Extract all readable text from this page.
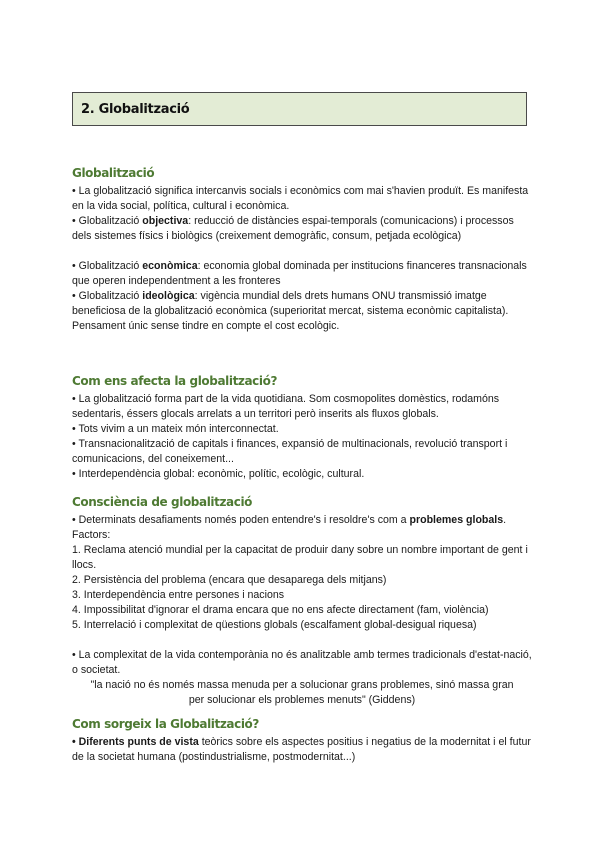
2. Globalització
Globalització

• La globalització significa intercanvis socials i econòmics com mai s'havien produït. Es manifesta en la vida social, política, cultural i econòmica.

• Globalització objectiva: reducció de distàncies espai-temporals (comunicacions) i processos dels sistemes físics i biològics (creixement demogràfic, consum, petjada ecològica)

• Globalització econòmica: economia global dominada per institucions financeres transnacionals que operen independentment a les fronteres

• Globalització ideològica: vigència mundial dels drets humans ONU transmissió imatge beneficiosa de la globalització econòmica (superioritat mercat, sistema econòmic capitalista). Pensament únic sense tindre en compte el cost ecològic.

Com ens afecta la globalització?

• La globalització forma part de la vida quotidiana. Som cosmopolites domèstics, rodamóns sedentaris, éssers glocals arrelats a un territori però inserits als fluxos globals.

• Tots vivim a un mateix món interconnectat.

• Transnacionalització de capitals i finances, expansió de multinacionals, revolució transport i comunicacions, del coneixement...

• Interdependència global: econòmic, polític, ecològic, cultural.

Consciència de globalització

• Determinats desafiaments només poden entendre's i resoldre's com a problemes globals. Factors:

1. Reclama atenció mundial per la capacitat de produir dany sobre un nombre important de gent i llocs.

2. Persistència del problema (encara que desaparega dels mitjans)

3. Interdependència entre persones i nacions

4. Impossibilitat d'ignorar el drama encara que no ens afecte directament (fam, violència)

5. Interrelació i complexitat de qüestions globals (escalfament global-desigual riquesa)

• La complexitat de la vida contemporània no és analitzable amb termes tradicionals d'estat-nació, o societat.

"la nació no és només massa menuda per a solucionar grans problemes, sinó massa gran

per solucionar els problemes menuts" (Giddens)

Com sorgeix la Globalització?

• Diferents punts de vista teòrics sobre els aspectes positius i negatius de la modernitat i el futur de la societat humana (postindustrialisme, postmodernitat...)
